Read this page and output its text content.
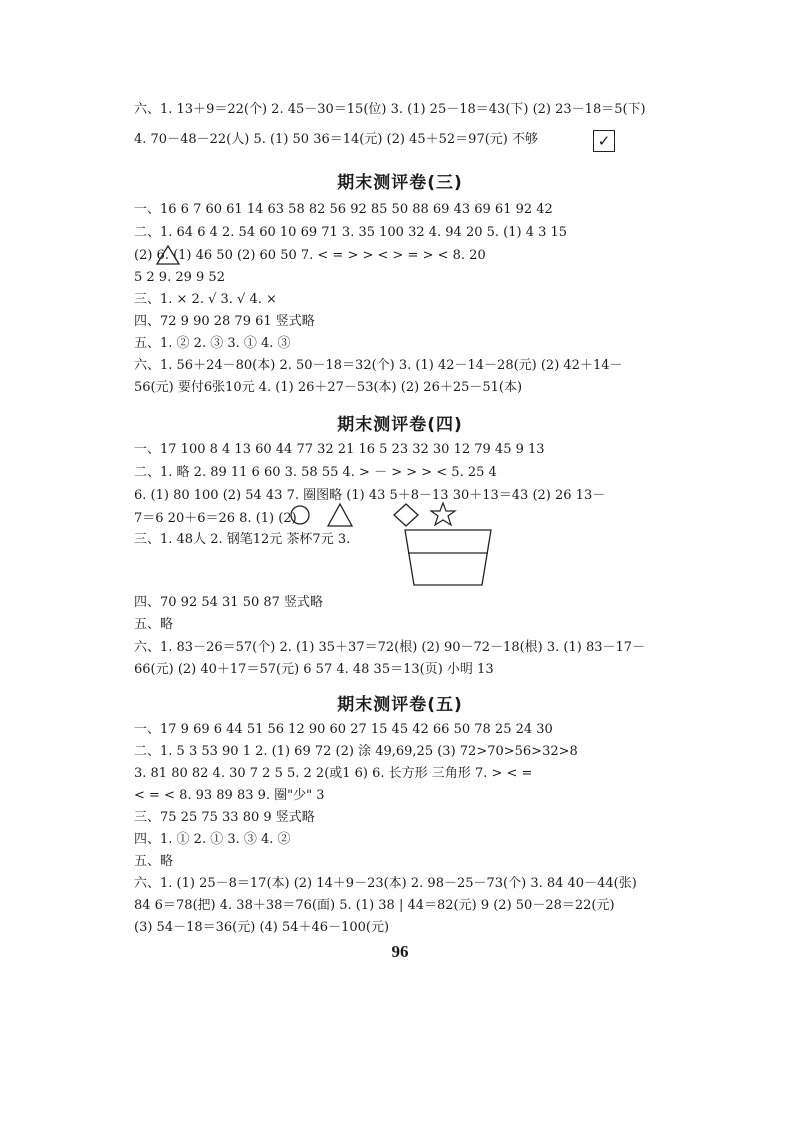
六、1. 13＋9＝22(个) 2. 45－30＝15(位) 3. (1) 25－18＝43(下) (2) 23－18＝5(下)
4. 70－48－22(人) 5. (1) 50 36＝14(元) (2) 45＋52＝97(元) 不够	✓
期末测评卷(三)
一、16 6 7 60 61 14 63 58 82 56 92 85 50 88 69 43 69 61 92 42
二、1. 64 6 4 2. 54 60 10 69 71 3. 35 100 32 4. 94 20 5. (1) 4 3 15
(2) 6. (1) 46 50 (2) 60 50 7. < = > > < > = > < 8. 20
5 2 9. 29 9 52
三、1. × 2. √ 3. √ 4. ×
四、72 9 90 28 79 61 竖式略
五、1. ② 2. ③ 3. ① 4. ③
六、1. 56＋24－80(本) 2. 50－18＝32(个) 3. (1) 42－14－28(元) (2) 42＋14－
56(元) 要付6张10元 4. (1) 26＋27－53(本) (2) 26＋25－51(本)
期末测评卷(四)
一、17 100 8 4 13 60 44 77 32 21 16 5 23 32 30 12 79 45 9 13
二、1. 略 2. 89 11 6 60 3. 58 55 4. > － > > > < 5. 25 4
6. (1) 80 100 (2) 54 43 7. 圈图略 (1) 43 5＋8－13 30＋13＝43 (2) 26 13－
7＝6 20＋6＝26 8. (1) (2)
三、1. 48人 2. 钢笔12元 茶杯7元 3.
四、70 92 54 31 50 87 竖式略
五、略
六、1. 83－26＝57(个) 2. (1) 35＋37＝72(根) (2) 90－72－18(根) 3. (1) 83－17－
66(元) (2) 40＋17＝57(元) 6 57 4. 48 35＝13(页) 小明 13
期末测评卷(五)
一、17 9 69 6 44 51 56 12 90 60 27 15 45 42 66 50 78 25 24 30
二、1. 5 3 53 90 1 2. (1) 69 72 (2) 涂 49,69,25 (3) 72>70>56>32>8
3. 81 80 82 4. 30 7 2 5 5. 2 2(或1 6) 6. 长方形 三角形 7. > < =
< = < 8. 93 89 83 9. 圈"少" 3
三、75 25 75 33 80 9 竖式略
四、1. ① 2. ① 3. ③ 4. ②
五、略
六、1. (1) 25－8＝17(本) (2) 14＋9－23(本) 2. 98－25－73(个) 3. 84 40－44(张)
84 6＝78(把) 4. 38＋38＝76(面) 5. (1) 38 | 44＝82(元) 9 (2) 50－28＝22(元)
(3) 54－18＝36(元) (4) 54＋46－100(元)
96
